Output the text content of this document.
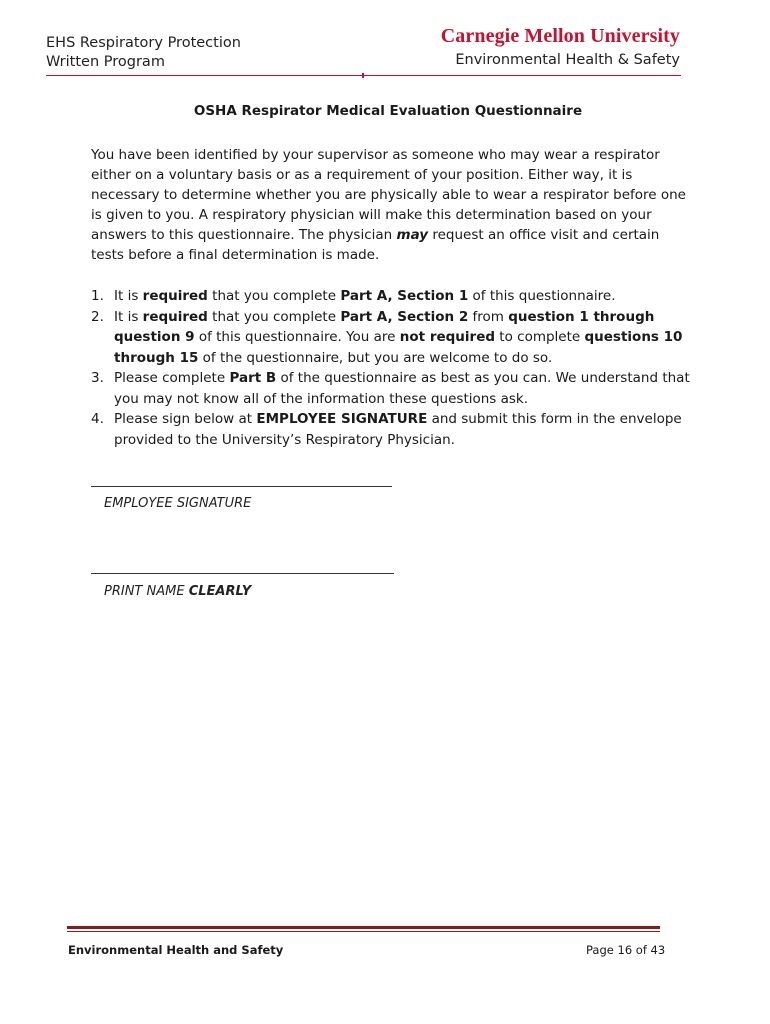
EHS Respiratory Protection
Written Program
Carnegie Mellon University
Environmental Health & Safety
OSHA Respirator Medical Evaluation Questionnaire

You have been identified by your supervisor as someone who may wear a respirator either on a voluntary basis or as a requirement of your position. Either way, it is necessary to determine whether you are physically able to wear a respirator before one is given to you. A respiratory physician will make this determination based on your answers to this questionnaire. The physician may request an office visit and certain tests before a final determination is made.

1. It is required that you complete Part A, Section 1 of this questionnaire.
2. It is required that you complete Part A, Section 2 from question 1 through question 9 of this questionnaire. You are not required to complete questions 10 through 15 of the questionnaire, but you are welcome to do so.
3. Please complete Part B of the questionnaire as best as you can. We understand that you may not know all of the information these questions ask.
4. Please sign below at EMPLOYEE SIGNATURE and submit this form in the envelope provided to the University’s Respiratory Physician.
EMPLOYEE SIGNATURE
PRINT NAME CLEARLY
Environmental Health and Safety	Page 16 of 43
